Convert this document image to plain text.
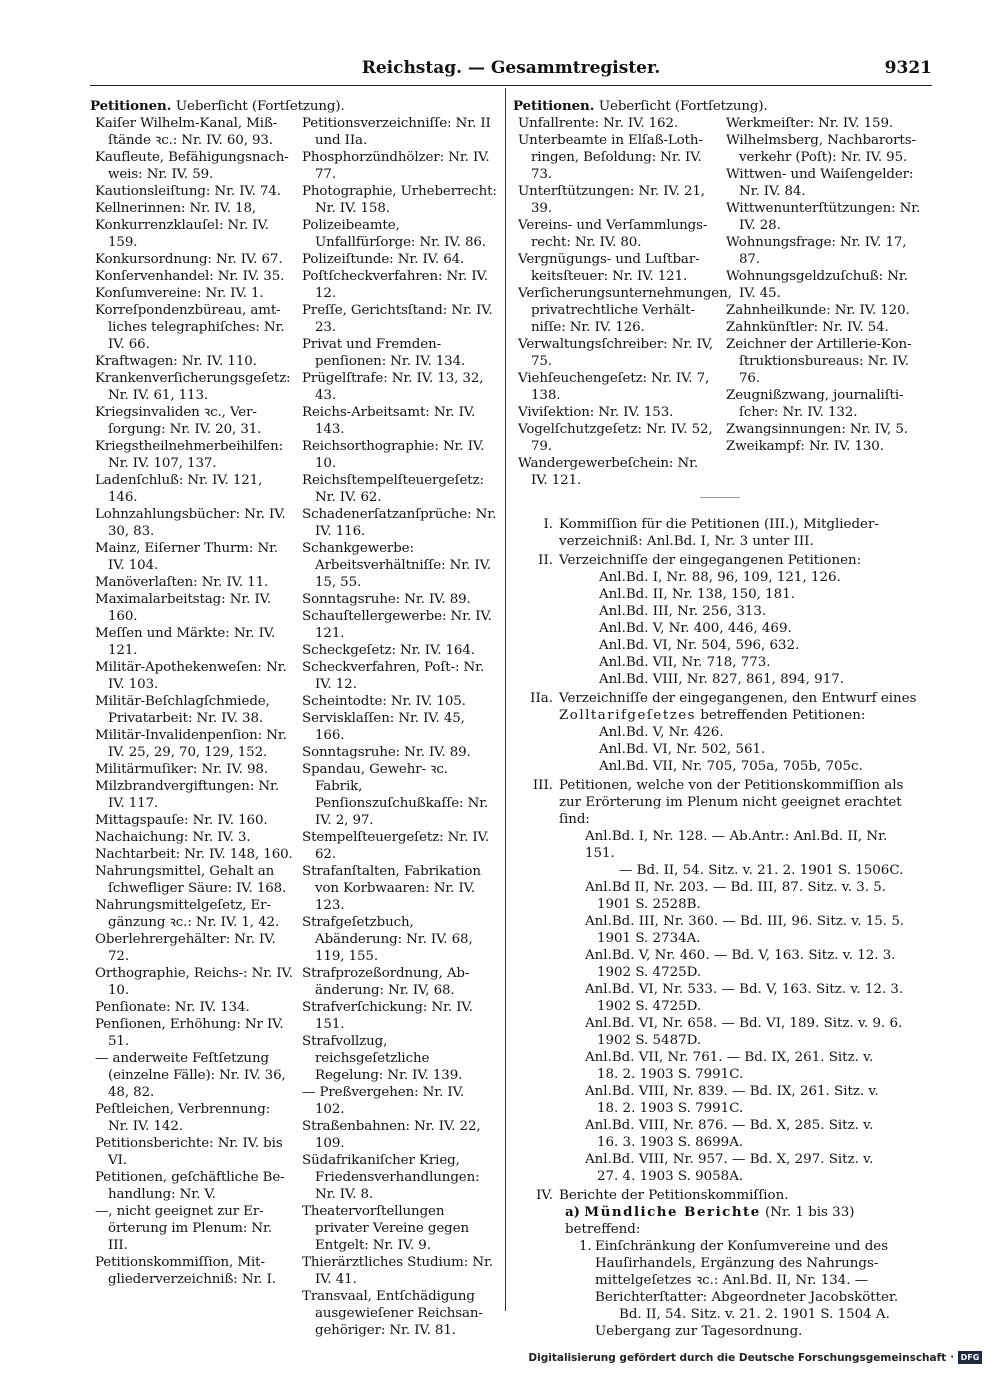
Reichstag. — Gesammtregister.	9321
Petitionen. Ueberſicht (Fortſetzung).

Kaiſer Wilhelm-Kanal, Miß- ſtände ꝛc.: Nr. IV. 60, 93.

Kaufleute, Befähigungsnach- weis: Nr. IV. 59.

Kautionsleiſtung: Nr. IV. 74.

Kellnerinnen: Nr. IV. 18,

Konkurrenzklauſel: Nr. IV. 159.

Konkursordnung: Nr. IV. 67.

Konſervenhandel: Nr. IV. 35.

Konſumvereine: Nr. IV. 1.

Korreſpondenzbüreau, amt- liches telegraphiſches: Nr. IV. 66.

Kraftwagen: Nr. IV. 110.

Krankenverſicherungsgeſetz: Nr. IV. 61, 113.

Kriegsinvaliden ꝛc., Ver- ſorgung: Nr. IV. 20, 31.

Kriegstheilnehmerbeihilfen: Nr. IV. 107, 137.

Ladenſchluß: Nr. IV. 121, 146.

Lohnzahlungsbücher: Nr. IV. 30, 83.

Mainz, Eiſerner Thurm: Nr. IV. 104.

Manöverlaſten: Nr. IV. 11.

Maximalarbeitstag: Nr. IV. 160.

Meſſen und Märkte: Nr. IV. 121.

Militär-Apothekenweſen: Nr. IV. 103.

Militär-Beſchlagſchmiede, Privatarbeit: Nr. IV. 38.

Militär-Invalidenpenſion: Nr. IV. 25, 29, 70, 129, 152.

Militärmuſiker: Nr. IV. 98.

Milzbrandvergiftungen: Nr. IV. 117.

Mittagspauſe: Nr. IV. 160.

Nachaichung: Nr. IV. 3.

Nachtarbeit: Nr. IV. 148, 160.

Nahrungsmittel, Gehalt an ſchwefliger Säure: IV. 168.

Nahrungsmittelgeſetz, Er- gänzung ꝛc.: Nr. IV. 1, 42.

Oberlehrergehälter: Nr. IV. 72.

Orthographie, Reichs-: Nr. IV. 10.

Penſionate: Nr. IV. 134.

Penſionen, Erhöhung: Nr IV. 51.

— anderweite Feſtſetzung (einzelne Fälle): Nr. IV. 36, 48, 82.

Peſtleichen, Verbrennung: Nr. IV. 142.

Petitionsberichte: Nr. IV. bis VI.

Petitionen, geſchäftliche Be- handlung: Nr. V.

—, nicht geeignet zur Er- örterung im Plenum: Nr. III.

Petitionskommiſſion, Mit- gliederverzeichniß: Nr. I.

Petitionsverzeichniſſe: Nr. II und IIa.

Phosphorzündhölzer: Nr. IV. 77.

Photographie, Urheberrecht: Nr. IV. 158.

Polizeibeamte, Unfallfürſorge: Nr. IV. 86.

Polizeiſtunde: Nr. IV. 64.

Poſtſcheckverfahren: Nr. IV. 12.

Preſſe, Gerichtsſtand: Nr. IV. 23.

Privat und Fremden- penſionen: Nr. IV. 134.

Prügelſtrafe: Nr. IV. 13, 32, 43.

Reichs-Arbeitsamt: Nr. IV. 143.

Reichsorthographie: Nr. IV. 10.

Reichsſtempelſteuergeſetz: Nr. IV. 62.

Schadenerſatzanſprüche: Nr. IV. 116.

Schankgewerbe: Arbeitsverhältniſſe: Nr. IV. 15, 55.

Sonntagsruhe: Nr. IV. 89.

Schauſtellergewerbe: Nr. IV. 121.

Scheckgeſetz: Nr. IV. 164.

Scheckverfahren, Poſt-: Nr. IV. 12.

Scheintodte: Nr. IV. 105.

Servisklaſſen: Nr. IV. 45, 166.

Sonntagsruhe: Nr. IV. 89.

Spandau, Gewehr- ꝛc. Fabrik, Penſionszuſchußkaſſe: Nr. IV. 2, 97.

Stempelſteuergeſetz: Nr. IV. 62.

Strafanſtalten, Fabrikation von Korbwaaren: Nr. IV. 123.

Strafgeſetzbuch, Abänderung: Nr. IV. 68, 119, 155.

Strafprozeßordnung, Ab- änderung: Nr. IV, 68.

Strafverſchickung: Nr. IV. 151.

Strafvollzug, reichsgeſetzliche Regelung: Nr. IV. 139.

— Preßvergehen: Nr. IV. 102.

Straßenbahnen: Nr. IV. 22, 109.

Südafrikaniſcher Krieg, Friedensverhandlungen: Nr. IV. 8.

Theatervorſtellungen privater Vereine gegen Entgelt: Nr. IV. 9.

Thierärztliches Studium: Nr. IV. 41.

Transvaal, Entſchädigung ausgewieſener Reichsan- gehöriger: Nr. IV. 81.

Petitionen. Ueberſicht (Fortſetzung).

Unfallrente: Nr. IV. 162.

Unterbeamte in Elſaß-Loth- ringen, Beſoldung: Nr. IV. 73.

Unterſtützungen: Nr. IV. 21, 39.

Vereins- und Verſammlungs- recht: Nr. IV. 80.

Vergnügungs- und Luſtbar- keitsſteuer: Nr. IV. 121.

Verſicherungsunternehmungen, privatrechtliche Verhält- niſſe: Nr. IV. 126.

Verwaltungsſchreiber: Nr. IV, 75.

Viehſeuchengeſetz: Nr. IV. 7, 138.

Viviſektion: Nr. IV. 153.

Vogelſchutzgeſetz: Nr. IV. 52, 79.

Wandergewerbeſchein: Nr. IV. 121.

Werkmeiſter: Nr. IV. 159.

Wilhelmsberg, Nachbarorts- verkehr (Poſt): Nr. IV. 95.

Wittwen- und Waiſengelder: Nr. IV. 84.

Wittwenunterſtützungen: Nr. IV. 28.

Wohnungsfrage: Nr. IV. 17, 87.

Wohnungsgeldzuſchuß: Nr. IV. 45.

Zahnheilkunde: Nr. IV. 120.

Zahnkünſtler: Nr. IV. 54.

Zeichner der Artillerie-Kon- ſtruktionsbureaus: Nr. IV. 76.

Zeugnißzwang, journaliſti- ſcher: Nr. IV. 132.

Zwangsinnungen: Nr. IV, 5.

Zweikampf: Nr. IV. 130.

I. Kommiſſion für die Petitionen (III.), Mitglieder- verzeichniß: Anl.Bd. I, Nr. 3 unter III.

II. Verzeichniſſe der eingegangenen Petitionen:

Anl.Bd. I, Nr. 88, 96, 109, 121, 126.

Anl.Bd. II, Nr. 138, 150, 181.

Anl.Bd. III, Nr. 256, 313.

Anl.Bd. V, Nr. 400, 446, 469.

Anl.Bd. VI, Nr. 504, 596, 632.

Anl.Bd. VII, Nr. 718, 773.

Anl.Bd. VIII, Nr. 827, 861, 894, 917.

IIa. Verzeichniſſe der eingegangenen, den Entwurf eines Zolltarifgeſetzes betreffenden Petitionen:

Anl.Bd. V, Nr. 426.

Anl.Bd. VI, Nr. 502, 561.

Anl.Bd. VII, Nr. 705, 705a, 705b, 705c.

III. Petitionen, welche von der Petitionskommiſſion als zur Erörterung im Plenum nicht geeignet erachtet ſind:

Anl.Bd. I, Nr. 128. — Ab.Antr.: Anl.Bd. II, Nr. 151.

— Bd. II, 54. Sitz. v. 21. 2. 1901 S. 1506C.

Anl.Bd II, Nr. 203. — Bd. III, 87. Sitz. v. 3. 5.

1901 S. 2528B.

Anl.Bd. III, Nr. 360. — Bd. III, 96. Sitz. v. 15. 5.

1901 S. 2734A.

Anl.Bd. V, Nr. 460. — Bd. V, 163. Sitz. v. 12. 3.

1902 S. 4725D.

Anl.Bd. VI, Nr. 533. — Bd. V, 163. Sitz. v. 12. 3.

1902 S. 4725D.

Anl.Bd. VI, Nr. 658. — Bd. VI, 189. Sitz. v. 9. 6.

1902 S. 5487D.

Anl.Bd. VII, Nr. 761. — Bd. IX, 261. Sitz. v.

18. 2. 1903 S. 7991C.

Anl.Bd. VIII, Nr. 839. — Bd. IX, 261. Sitz. v.

18. 2. 1903 S. 7991C.

Anl.Bd. VIII, Nr. 876. — Bd. X, 285. Sitz. v.

16. 3. 1903 S. 8699A.

Anl.Bd. VIII, Nr. 957. — Bd. X, 297. Sitz. v.

27. 4. 1903 S. 9058A.

IV. Berichte der Petitionskommiſſion.

a) Mündliche Berichte (Nr. 1 bis 33) betreffend:

1. Einſchränkung der Konſumvereine und des Hauſirhandels, Ergänzung des Nahrungs- mittelgeſetzes ꝛc.: Anl.Bd. II, Nr. 134. — Berichterſtatter: Abgeordneter Jacobskötter.

Bd. II, 54. Sitz. v. 21. 2. 1901 S. 1504 A.

Uebergang zur Tagesordnung.

Digitalisierung gefördert durch die Deutsche Forschungsgemeinschaft · DFG
